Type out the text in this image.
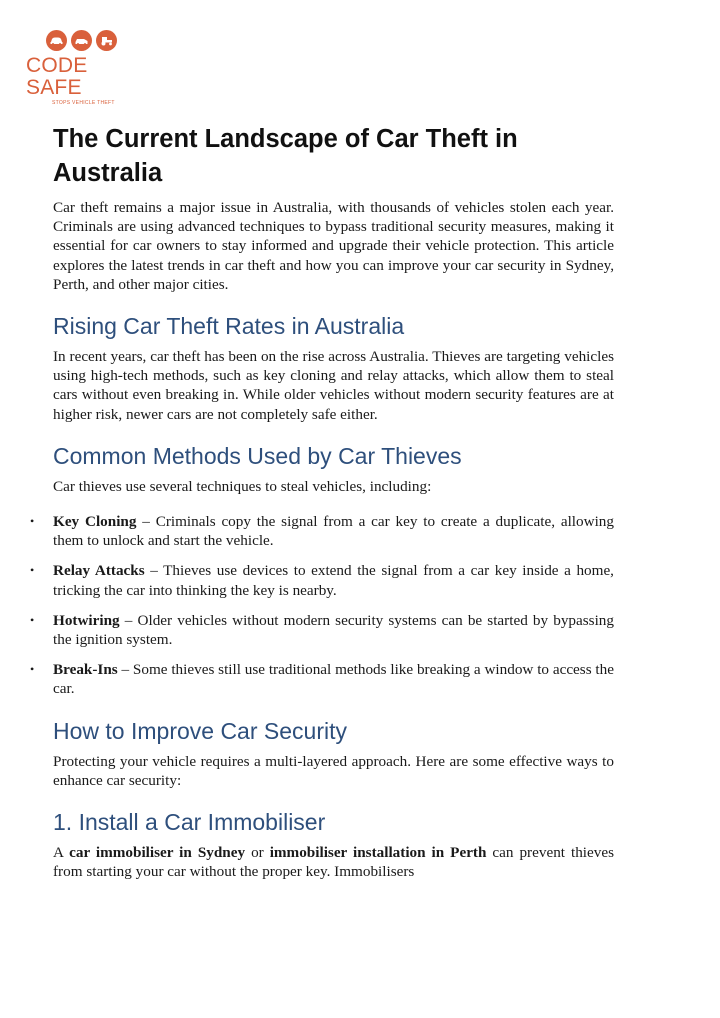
CODE SAFE
STOPS VEHICLE THEFT
The Current Landscape of Car Theft in Australia

Car theft remains a major issue in Australia, with thousands of vehicles stolen each year. Criminals are using advanced techniques to bypass traditional security measures, making it essential for car owners to stay informed and upgrade their vehicle protection. This article explores the latest trends in car theft and how you can improve your car security in Sydney, Perth, and other major cities.

Rising Car Theft Rates in Australia

In recent years, car theft has been on the rise across Australia. Thieves are targeting vehicles using high-tech methods, such as key cloning and relay attacks, which allow them to steal cars without even breaking in. While older vehicles without modern security features are at higher risk, newer cars are not completely safe either.

Common Methods Used by Car Thieves

Car thieves use several techniques to steal vehicles, including:

• Key Cloning – Criminals copy the signal from a car key to create a duplicate, allowing them to unlock and start the vehicle.
• Relay Attacks – Thieves use devices to extend the signal from a car key inside a home, tricking the car into thinking the key is nearby.
• Hotwiring – Older vehicles without modern security systems can be started by bypassing the ignition system.
• Break-Ins – Some thieves still use traditional methods like breaking a window to access the car.
How to Improve Car Security

Protecting your vehicle requires a multi-layered approach. Here are some effective ways to enhance car security:

1. Install a Car Immobiliser

A car immobiliser in Sydney or immobiliser installation in Perth can prevent thieves from starting your car without the proper key. Immobilisers
